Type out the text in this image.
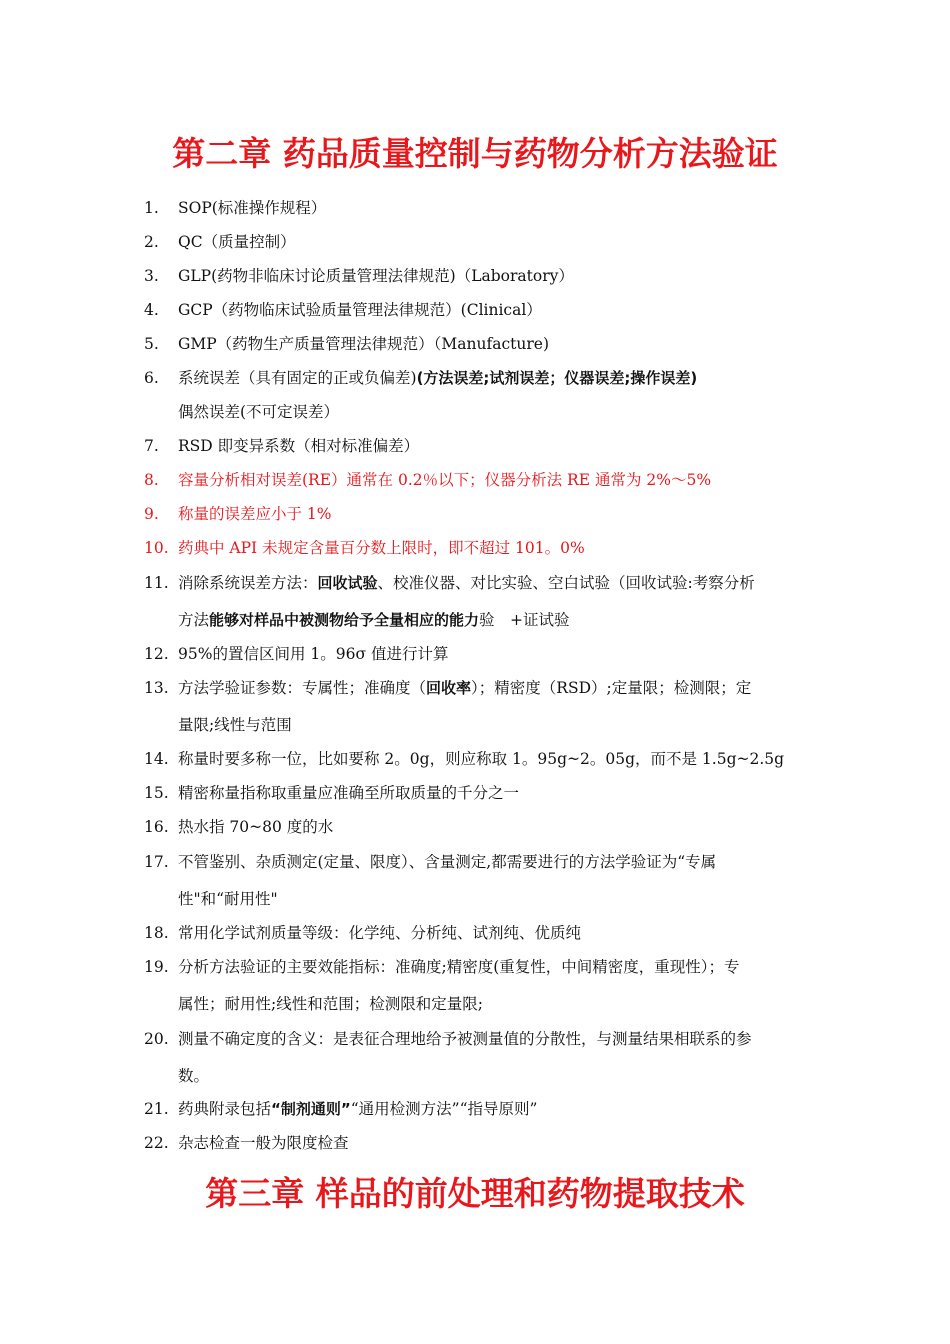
第二章 药品质量控制与药物分析方法验证
1.	SOP(标准操作规程）
2.	QC（质量控制）
3.	GLP(药物非临床讨论质量管理法律规范)（Laboratory）
4.	GCP（药物临床试验质量管理法律规范）(Clinical）
5.	GMP（药物生产质量管理法律规范）（Manufacture)
6.	系统误差（具有固定的正或负偏差)(方法误差;试剂误差；仪器误差;操作误差)
偶然误差(不可定误差）
7.	RSD 即变异系数（相对标准偏差）
8.	容量分析相对误差(RE）通常在 0.2％以下；仪器分析法 RE 通常为 2%～5%
9.	称量的误差应小于 1%
10. 药典中 API 未规定含量百分数上限时，即不超过 101。0%
11. 消除系统误差方法：回收试验、校准仪器、对比实验、空白试验（回收试验:考察分析
方法能够对样品中被测物给予全量相应的能力验　+证试验
12. 95%的置信区间用 1。96σ 值进行计算
13. 方法学验证参数：专属性；准确度（回收率）；精密度（RSD）;定量限；检测限；定
量限;线性与范围
14. 称量时要多称一位，比如要称 2。0g，则应称取 1。95g~2。05g，而不是 1.5g~2.5g
15. 精密称量指称取重量应准确至所取质量的千分之一
16. 热水指 70~80 度的水
17. 不管鉴别、杂质测定(定量、限度）、含量测定,都需要进行的方法学验证为“专属
性"和“耐用性"
18. 常用化学试剂质量等级：化学纯、分析纯、试剂纯、优质纯
19. 分析方法验证的主要效能指标：准确度;精密度(重复性，中间精密度，重现性）；专
属性；耐用性;线性和范围；检测限和定量限;
20. 测量不确定度的含义：是表征合理地给予被测量值的分散性，与测量结果相联系的参
数。
21. 药典附录包括“制剂通则”“通用检测方法”“指导原则”
22. 杂志检查一般为限度检查
第三章 样品的前处理和药物提取技术
